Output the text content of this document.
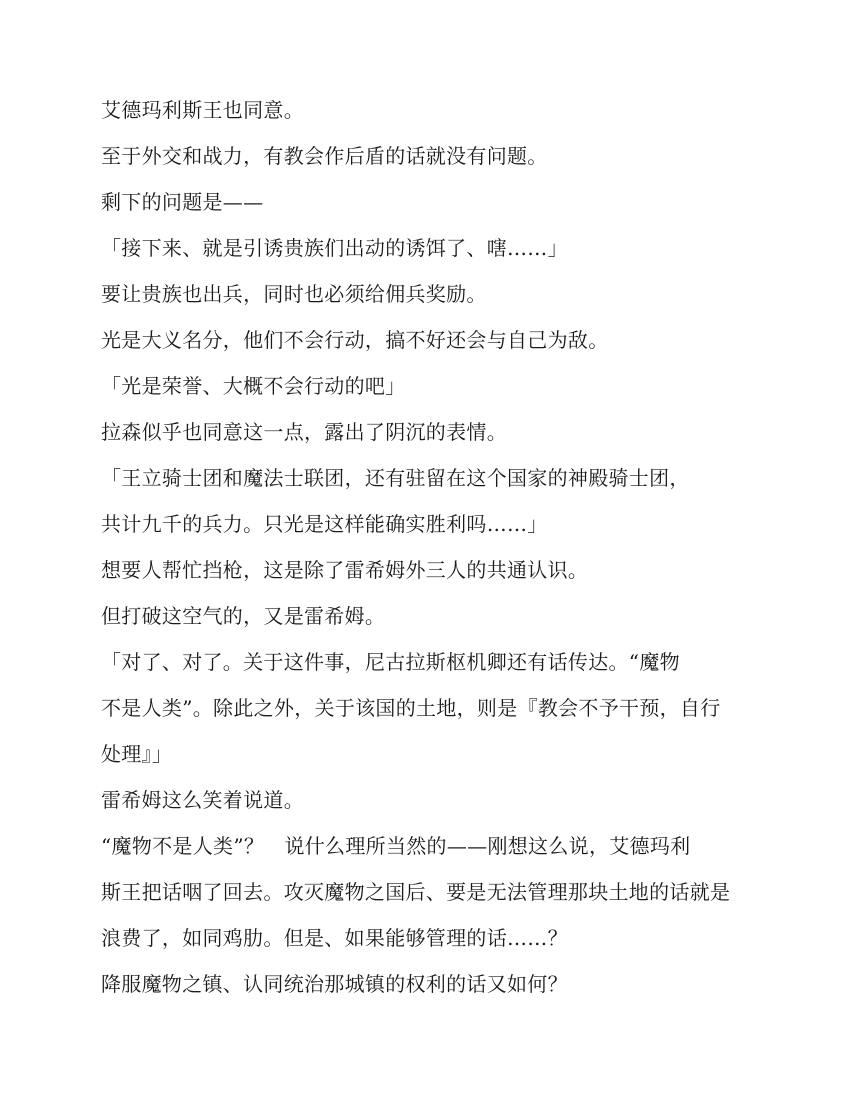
艾德玛利斯王也同意。

至于外交和战力，有教会作后盾的话就没有问题。

剩下的问题是——

「接下来、就是引诱贵族们出动的诱饵了、嗐……」

要让贵族也出兵，同时也必须给佣兵奖励。

光是大义名分，他们不会行动，搞不好还会与自己为敌。

「光是荣誉、大概不会行动的吧」

拉森似乎也同意这一点，露出了阴沉的表情。

「王立骑士团和魔法士联团，还有驻留在这个国家的神殿骑士团，

共计九千的兵力。只光是这样能确实胜利吗……」

想要人帮忙挡枪，这是除了雷希姆外三人的共通认识。

但打破这空气的，又是雷希姆。

「对了、对了。关于这件事，尼古拉斯枢机卿还有话传达。“魔物

不是人类”。除此之外，关于该国的土地，则是『教会不予干预，自行

处理』」

雷希姆这么笑着说道。

“魔物不是人类”？　说什么理所当然的——刚想这么说，艾德玛利

斯王把话咽了回去。攻灭魔物之国后、要是无法管理那块土地的话就是

浪费了，如同鸡肋。但是、如果能够管理的话……？

降服魔物之镇、认同统治那城镇的权利的话又如何？
